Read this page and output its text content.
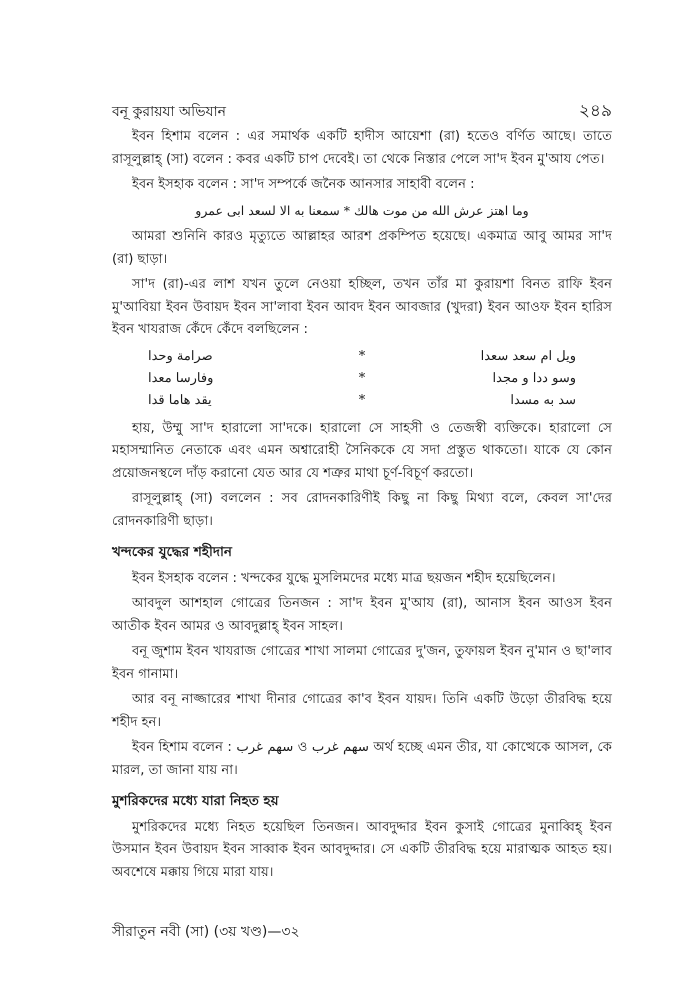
বনূ কুরায়যা অভিযান	২৪৯

ইবন হিশাম বলেন : এর সমার্থক একটি হাদীস আয়েশা (রা) হতেও বর্ণিত আছে। তাতে রাসূলুল্লাহ্ (সা) বলেন : কবর একটি চাপ দেবেই। তা থেকে নিস্তার পেলে সা'দ ইবন মু'আয পেত।

ইবন ইসহাক বলেন : সা'দ সম্পর্কে জনৈক আনসার সাহাবী বলেন :

وما اهتز عرش الله من موت هالك * سمعنا به الا لسعد ابى عمرو

আমরা শুনিনি কারও মৃত্যুতে আল্লাহর আরশ প্রকম্পিত হয়েছে। একমাত্র আবু আমর সা'দ (রা) ছাড়া।

সা'দ (রা)-এর লাশ যখন তুলে নেওয়া হচ্ছিল, তখন তাঁর মা কুরায়শা বিনত রাফি ইবন মু'আবিয়া ইবন উবায়দ ইবন সা'লাবা ইবন আবদ ইবন আবজার (খুদরা) ইবন আওফ ইবন হারিস ইবন খাযরাজ কেঁদে কেঁদে বলছিলেন :

ويل ام سعد سعدا
*
صرامة وحدا
وسو ددا و مجدا
*
وفارسا معدا
سد به مسدا
*
يقد هاما قدا

হায়, উম্মু সা'দ হারালো সা'দকে। হারালো সে সাহসী ও তেজস্বী ব্যক্তিকে। হারালো সে মহাসম্মানিত নেতাকে এবং এমন অশ্বারোহী সৈনিককে যে সদা প্রস্তুত থাকতো। যাকে যে কোন প্রয়োজনস্থলে দাঁড় করানো যেত আর যে শত্রুর মাথা চূর্ণ-বিচূর্ণ করতো।

রাসূলুল্লাহ্ (সা) বললেন : সব রোদনকারিণীই কিছু না কিছু মিথ্যা বলে, কেবল সা'দের রোদনকারিণী ছাড়া।

খন্দকের যুদ্ধের শহীদান

ইবন ইসহাক বলেন : খন্দকের যুদ্ধে মুসলিমদের মধ্যে মাত্র ছয়জন শহীদ হয়েছিলেন।

আবদুল আশহাল গোত্রের তিনজন : সা'দ ইবন মু'আয (রা), আনাস ইবন আওস ইবন আতীক ইবন আমর ও আবদুল্লাহ্ ইবন সাহল।

বনূ জুশাম ইবন খাযরাজ গোত্রের শাখা সালমা গোত্রের দু'জন, তুফায়ল ইবন নু'মান ও ছা'লাব ইবন গানামা।

আর বনূ নাজ্জারের শাখা দীনার গোত্রের কা'ব ইবন যায়দ। তিনি একটি উড়ো তীরবিদ্ধ হয়ে শহীদ হন।

ইবন হিশাম বলেন : سهم غرب ও سهم غرب অর্থ হচ্ছে এমন তীর, যা কোত্থেকে আসল, কে মারল, তা জানা যায় না।

মুশরিকদের মধ্যে যারা নিহত হয়

মুশরিকদের মধ্যে নিহত হয়েছিল তিনজন। আবদুদ্দার ইবন কুসাই গোত্রের মুনাব্বিহ্ ইবন উসমান ইবন উবায়দ ইবন সাব্বাক ইবন আবদুদ্দার। সে একটি তীরবিদ্ধ হয়ে মারাত্মক আহত হয়। অবশেষে মক্কায় গিয়ে মারা যায়।

সীরাতুন নবী (সা) (৩য় খণ্ড)—৩২
